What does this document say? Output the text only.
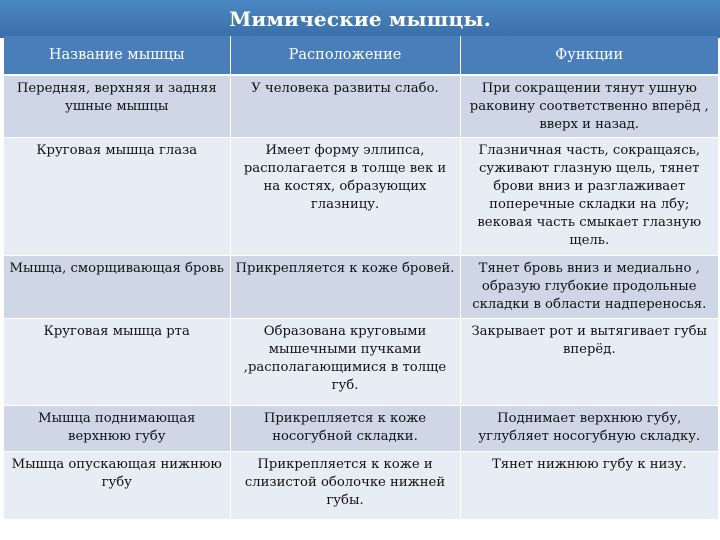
Мимические мышцы.
Название мышцы	Расположение	Функции
Передняя, верхняя и задняя ушные мышцы	У человека развиты слабо.	При сокращении тянут ушную раковину соответственно вперёд , вверх и назад.
Круговая мышца глаза	Имеет форму эллипса, располагается в толще век и на костях, образующих глазницу.	Глазничная часть, сокращаясь, суживают глазную щель, тянет брови вниз и разглаживает поперечные складки на лбу; вековая часть смыкает глазную щель.
Мышца, сморщивающая бровь	Прикрепляется к коже бровей.	Тянет бровь вниз и медиально , образую глубокие продольные складки в области надпереносья.
Круговая мышца рта	Образована круговыми мышечными пучками ,располагающимися в толще губ.	Закрывает рот и вытягивает губы вперёд.
Мышца поднимающая верхнюю губу	Прикрепляется к коже носогубной складки.	Поднимает верхнюю губу, углубляет носогубную складку.
Мышца опускающая нижнюю губу	Прикрепляется к коже и слизистой оболочке нижней губы.	Тянет нижнюю губу к низу.
